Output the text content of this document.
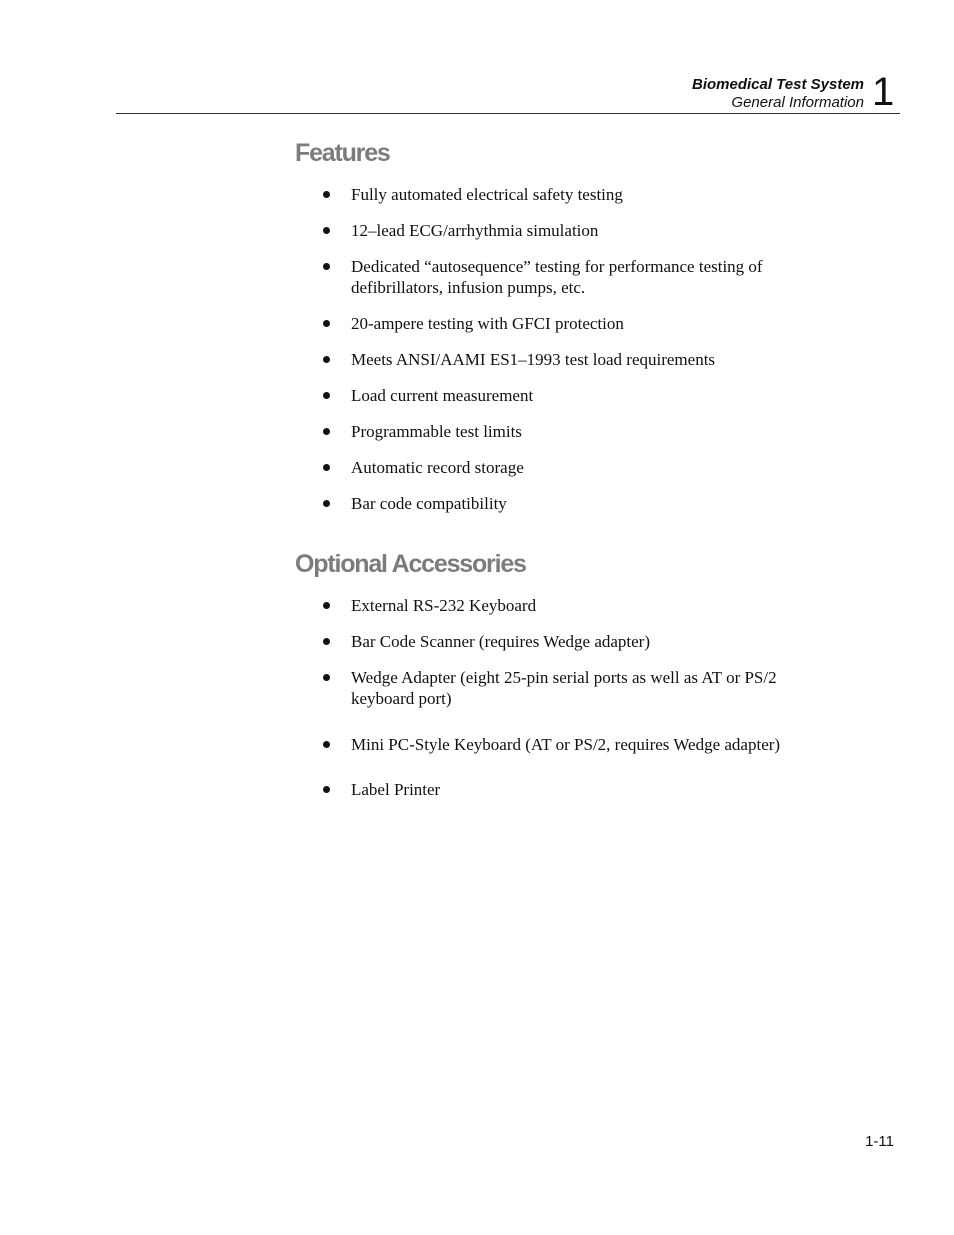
Biomedical Test System
General Information 1
Features
Fully automated electrical safety testing
12–lead ECG/arrhythmia simulation
Dedicated “autosequence” testing for performance testing of defibrillators, infusion pumps, etc.
20-ampere testing with GFCI protection
Meets ANSI/AAMI ES1–1993 test load requirements
Load current measurement
Programmable test limits
Automatic record storage
Bar code compatibility
Optional Accessories
External RS-232 Keyboard
Bar Code Scanner (requires Wedge adapter)
Wedge Adapter (eight 25-pin serial ports as well as AT or PS/2 keyboard port)
Mini PC-Style Keyboard (AT or PS/2, requires Wedge adapter)
Label Printer
1-11
